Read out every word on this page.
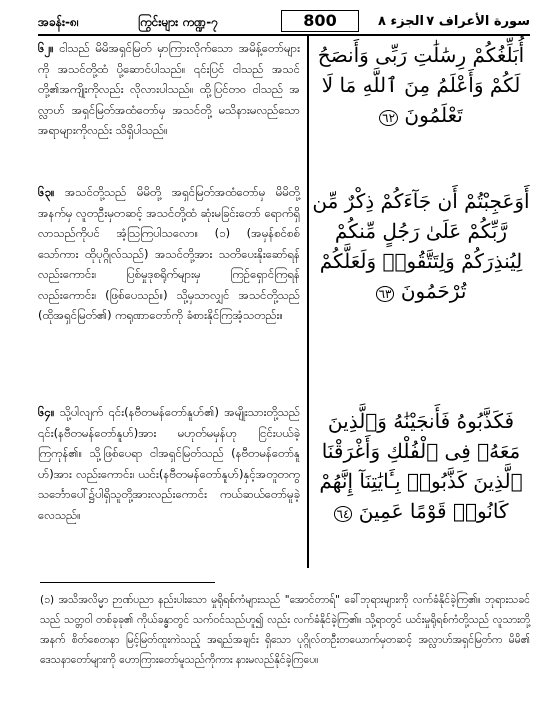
အခန်း-၈၊	ကြွင်းများ ကဏ္ဍ-၇	800	الجزء ٨ سورة الأعراف ٧
၆၂။ ငါသည် မိမိအရှင်မြတ် မှာကြားလိုက်သော အမိန့်တော်များကို အသင်တို့ထံ ပို့ဆောင်ပါသည်။ ၎င်းပြင် ငါသည် အသင်တို့၏အကျိုးကိုလည်း လိုလားပါသည်။ ထို့ပြင်တဝ ငါသည် အလ္လာဟ် အရှင်မြတ်အထံတော်မှ အသင်တို့ မသိနားမလည်သော အရာများကိုလည်း သိရှိပါသည်။
أُبَلِّغُكُمْ رِسَٰلَٰتِ رَبِّى وَأَنصَحُ لَكُمْ وَأَعْلَمُ مِنَ ٱللَّهِ مَا لَا تَعْلَمُونَ ٦٢
၆၃။ အသင်တို့သည် မိမိတို့ အရှင်မြတ်အထံတော်မှ မိမိတို့အနက်မှ လူတဦးမှတဆင့် အသင်တို့ထံ ဆုံးမခြင်းတော် ရောက်ရှိလာသည်ကိုပင် အံ့ဩကြပါသလော။ (၁) (အမှန်စင်စစ်သော်ကား ထိုပုဂ္ဂိုလ်သည်) အသင်တို့အား သတိပေးနိုးဆော်ရန်လည်းကောင်း၊ ပြစ်မှုဒုစရိုက်များမှ ကြဉ်ရှောင်ကြရန်လည်းကောင်း၊ (ဖြစ်ပေသည်။) သို့မှသာလျှင် အသင်တို့သည် (ထိုအရှင်မြတ်၏) ကရုဏာတော်ကို ခံစားနိုင်ကြအံ့သတည်း။
أَوَعَجِبْتُمْ أَن جَآءَكُمْ ذِكْرٌ مِّن رَّبِّكُمْ عَلَىٰ رَجُلٍ مِّنكُمْ لِيُنذِرَكُمْ وَلِتَتَّقُوا۟ وَلَعَلَّكُمْ تُرْحَمُونَ ٦٣
၆၄။ သို့ပါလျက် ၎င်း(နဗီတမန်တော်နူဟ်၏) အမျိုးသားတို့သည် ၎င်း(နဗီတမန်တော်နူဟ်)အား မဟုတ်မမှန်ဟု ငြင်းပယ်ခဲ့ကြကုန်၏။ သို့ဖြစ်ပေရာ ငါအရှင်မြတ်သည် (နဗီတမန်တော်နူဟ်)အား လည်းကောင်း၊ ယင်း(နဗီတမန်တော်နူဟ်)နှင့်အတူတကွ သင်္ဘောပေါ်၌ပါရှိသူတို့အားလည်းကောင်း ကယ်ဆယ်တော်မူခဲ့လေသည်။
فَكَذَّبُوهُ فَأَنجَيْنَٰهُ وَٱلَّذِينَ مَعَهُۥ فِى ٱلْفُلْكِ وَأَغْرَقْنَا ٱلَّذِينَ كَذَّبُوا۟ بِـَٔايَٰتِنَآ إِنَّهُمْ كَانُوا۟ قَوْمًا عَمِينَ ٦٤
(၁) အသိအလိမ္မာ ဉာဏ်ပညာ နည်းပါးသော မှုရိုရစ်ကံများသည် "အောင်တာရ်" ခေါ်ဘုရားများကို လက်ခံနိုင်ခဲ့ကြ၏။ ဘုရားသခင်သည် သတ္တဝါ တစ်ခုခု၏ ကိုယ်ခန္ဓာတွင် သက်ဝင်သည်ဟူ၍ လည်း လက်ခံနိုင်ခဲ့ကြ၏။ သို့ရာတွင် ယင်းမှုရိုရစ်ကံတို့သည် လူသားတို့အနက် စိတ်စေတနာ မြင့်မြတ်ထူးကဲသည့် အရည်အချင်း ရှိသော ပုဂ္ဂိုလ်တဦးတယောက်မှတဆင့် အလ္လာဟ်အရှင်မြတ်က မိမိ၏ ဒေသနာတော်များကို ဟောကြားတော်မူသည်ကိုကား နားမလည်နိုင်ခဲ့ကြပေ။
